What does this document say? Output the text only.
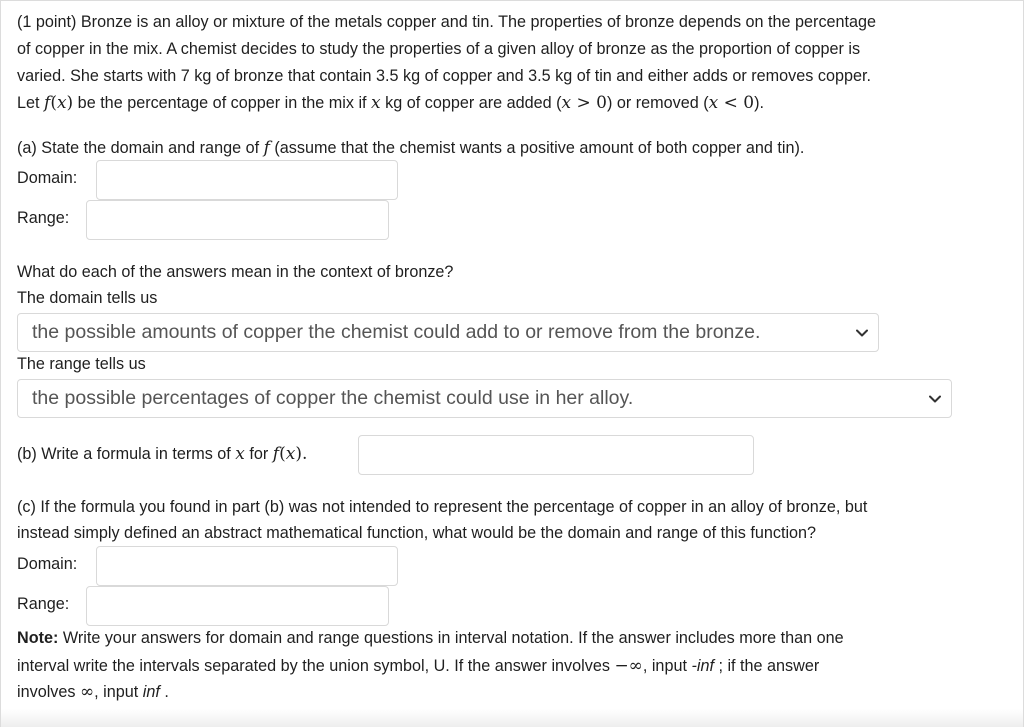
(1 point) Bronze is an alloy or mixture of the metals copper and tin. The properties of bronze depends on the percentage
of copper in the mix. A chemist decides to study the properties of a given alloy of bronze as the proportion of copper is
varied. She starts with 7 kg of bronze that contain 3.5 kg of copper and 3.5 kg of tin and either adds or removes copper.
Let f(x) be the percentage of copper in the mix if x kg of copper are added (x > 0) or removed (x < 0).
(a) State the domain and range of f (assume that the chemist wants a positive amount of both copper and tin).
Domain:
Range:
What do each of the answers mean in the context of bronze?
The domain tells us
the possible amounts of copper the chemist could add to or remove from the bronze.
The range tells us
the possible percentages of copper the chemist could use in her alloy.
(b) Write a formula in terms of x for f(x).
(c) If the formula you found in part (b) was not intended to represent the percentage of copper in an alloy of bronze, but
instead simply defined an abstract mathematical function, what would be the domain and range of this function?
Domain:
Range:
Note: Write your answers for domain and range questions in interval notation. If the answer includes more than one
interval write the intervals separated by the union symbol, U. If the answer involves −∞, input -inf ; if the answer
involves ∞, input inf .
